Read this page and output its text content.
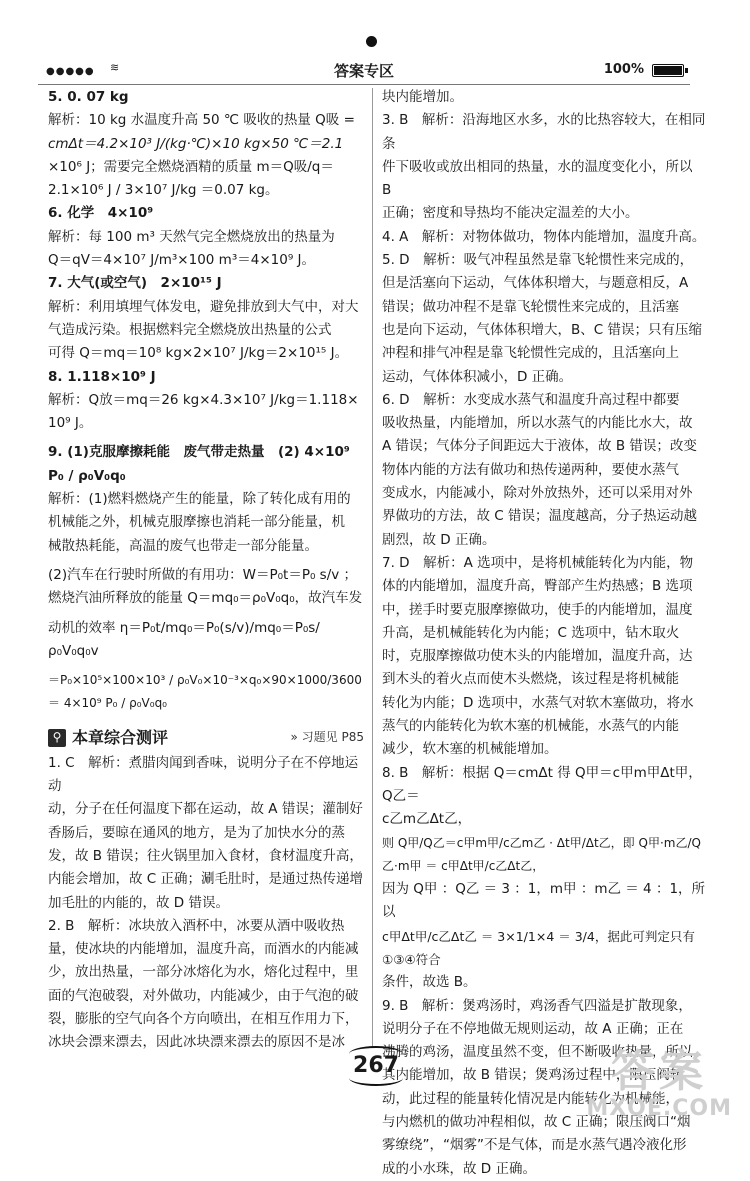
●●●●● ≋	答案专区	100%

5. 0. 07 kg

解析：10 kg 水温度升高 50 ℃ 吸收的热量 Q吸 =

cmΔt＝4.2×10³ J/(kg·℃)×10 kg×50 ℃＝2.1

×10⁶ J；需要完全燃烧酒精的质量 m＝Q吸/q＝

2.1×10⁶ J / 3×10⁷ J/kg ＝0.07 kg。

6. 化学　4×10⁹

解析：每 100 m³ 天然气完全燃烧放出的热量为

Q＝qV＝4×10⁷ J/m³×100 m³＝4×10⁹ J。

7. 大气(或空气)　2×10¹⁵ J

解析：利用填埋气体发电，避免排放到大气中，对大

气造成污染。根据燃料完全燃烧放出热量的公式

可得 Q＝mq＝10⁸ kg×2×10⁷ J/kg＝2×10¹⁵ J。

8. 1.118×10⁹ J

解析：Q放＝mq＝26 kg×4.3×10⁷ J/kg＝1.118×

10⁹ J。

9. (1)克服摩擦耗能　废气带走热量　(2) 4×10⁹ P₀ / ρ₀V₀q₀

解析：(1)燃料燃烧产生的能量，除了转化成有用的

机械能之外，机械克服摩擦也消耗一部分能量，机

械散热耗能，高温的废气也带走一部分能量。

(2)汽车在行驶时所做的有用功：W＝P₀t＝P₀ s/v ；

燃烧汽油所释放的能量 Q＝mq₀＝ρ₀V₀q₀，故汽车发

动机的效率 η＝P₀t/mq₀＝P₀(s/v)/mq₀＝P₀s/ρ₀V₀q₀v

＝P₀×10⁵×100×10³ / ρ₀V₀×10⁻³×q₀×90×1000/3600 ＝ 4×10⁹ P₀ / ρ₀V₀q₀

⚲ 本章综合测评	» 习题见 P85

1. C　解析：煮腊肉闻到香味，说明分子在不停地运动

动，分子在任何温度下都在运动，故 A 错误；灌制好

香肠后，要晾在通风的地方，是为了加快水分的蒸

发，故 B 错误；往火锅里加入食材，食材温度升高，

内能会增加，故 C 正确；涮毛肚时，是通过热传递增

加毛肚的内能的，故 D 错误。

2. B　解析：冰块放入酒杯中，冰要从酒中吸收热

量，使冰块的内能增加，温度升高，而酒水的内能减

少，放出热量，一部分冰熔化为水，熔化过程中，里

面的气泡破裂，对外做功，内能减少，由于气泡的破

裂，膨胀的空气向各个方向喷出，在相互作用力下，

冰块会漂来漂去，因此冰块漂来漂去的原因不是冰

块内能增加。

3. B　解析：沿海地区水多，水的比热容较大，在相同条

件下吸收或放出相同的热量，水的温度变化小，所以 B

正确；密度和导热均不能决定温差的大小。

4. A　解析：对物体做功，物体内能增加，温度升高。

5. D　解析：吸气冲程虽然是靠飞轮惯性来完成的，

但是活塞向下运动，气体体积增大，与题意相反，A

错误；做功冲程不是靠飞轮惯性来完成的，且活塞

也是向下运动，气体体积增大，B、C 错误；只有压缩

冲程和排气冲程是靠飞轮惯性完成的，且活塞向上

运动，气体体积减小，D 正确。

6. D　解析：水变成水蒸气和温度升高过程中都要

吸收热量，内能增加，所以水蒸气的内能比水大，故

A 错误；气体分子间距远大于液体，故 B 错误；改变

物体内能的方法有做功和热传递两种，要使水蒸气

变成水，内能减小，除对外放热外，还可以采用对外

界做功的方法，故 C 错误；温度越高，分子热运动越

剧烈，故 D 正确。

7. D　解析：A 选项中，是将机械能转化为内能，物

体的内能增加，温度升高，臀部产生灼热感；B 选项

中，搓手时要克服摩擦做功，使手的内能增加，温度

升高，是机械能转化为内能；C 选项中，钻木取火

时，克服摩擦做功使木头的内能增加，温度升高，达

到木头的着火点而使木头燃烧，该过程是将机械能

转化为内能；D 选项中，水蒸气对软木塞做功，将水

蒸气的内能转化为软木塞的机械能，水蒸气的内能

减少，软木塞的机械能增加。

8. B　解析：根据 Q＝cmΔt 得 Q甲＝c甲m甲Δt甲，Q乙＝

c乙m乙Δt乙，

则 Q甲/Q乙＝c甲m甲/c乙m乙 · Δt甲/Δt乙，即 Q甲·m乙/Q乙·m甲 ＝ c甲Δt甲/c乙Δt乙，

因为 Q甲 ：Q乙 ＝ 3 ：1，m甲 ：m乙 ＝ 4 ：1，所以

c甲Δt甲/c乙Δt乙 ＝ 3×1/1×4 ＝ 3/4，据此可判定只有①③④符合

条件，故选 B。

9. B　解析：煲鸡汤时，鸡汤香气四溢是扩散现象，

说明分子在不停地做无规则运动，故 A 正确；正在

沸腾的鸡汤，温度虽然不变，但不断吸收热量，所以

其内能增加，故 B 错误；煲鸡汤过程中，限压阀转

动，此过程的能量转化情况是内能转化为机械能，

与内燃机的做功冲程相似，故 C 正确；限压阀口“烟

雾缭绕”，“烟雾”不是气体，而是水蒸气遇冷液化形

成的小水珠，故 D 正确。

267	答案
MXQE.COM
